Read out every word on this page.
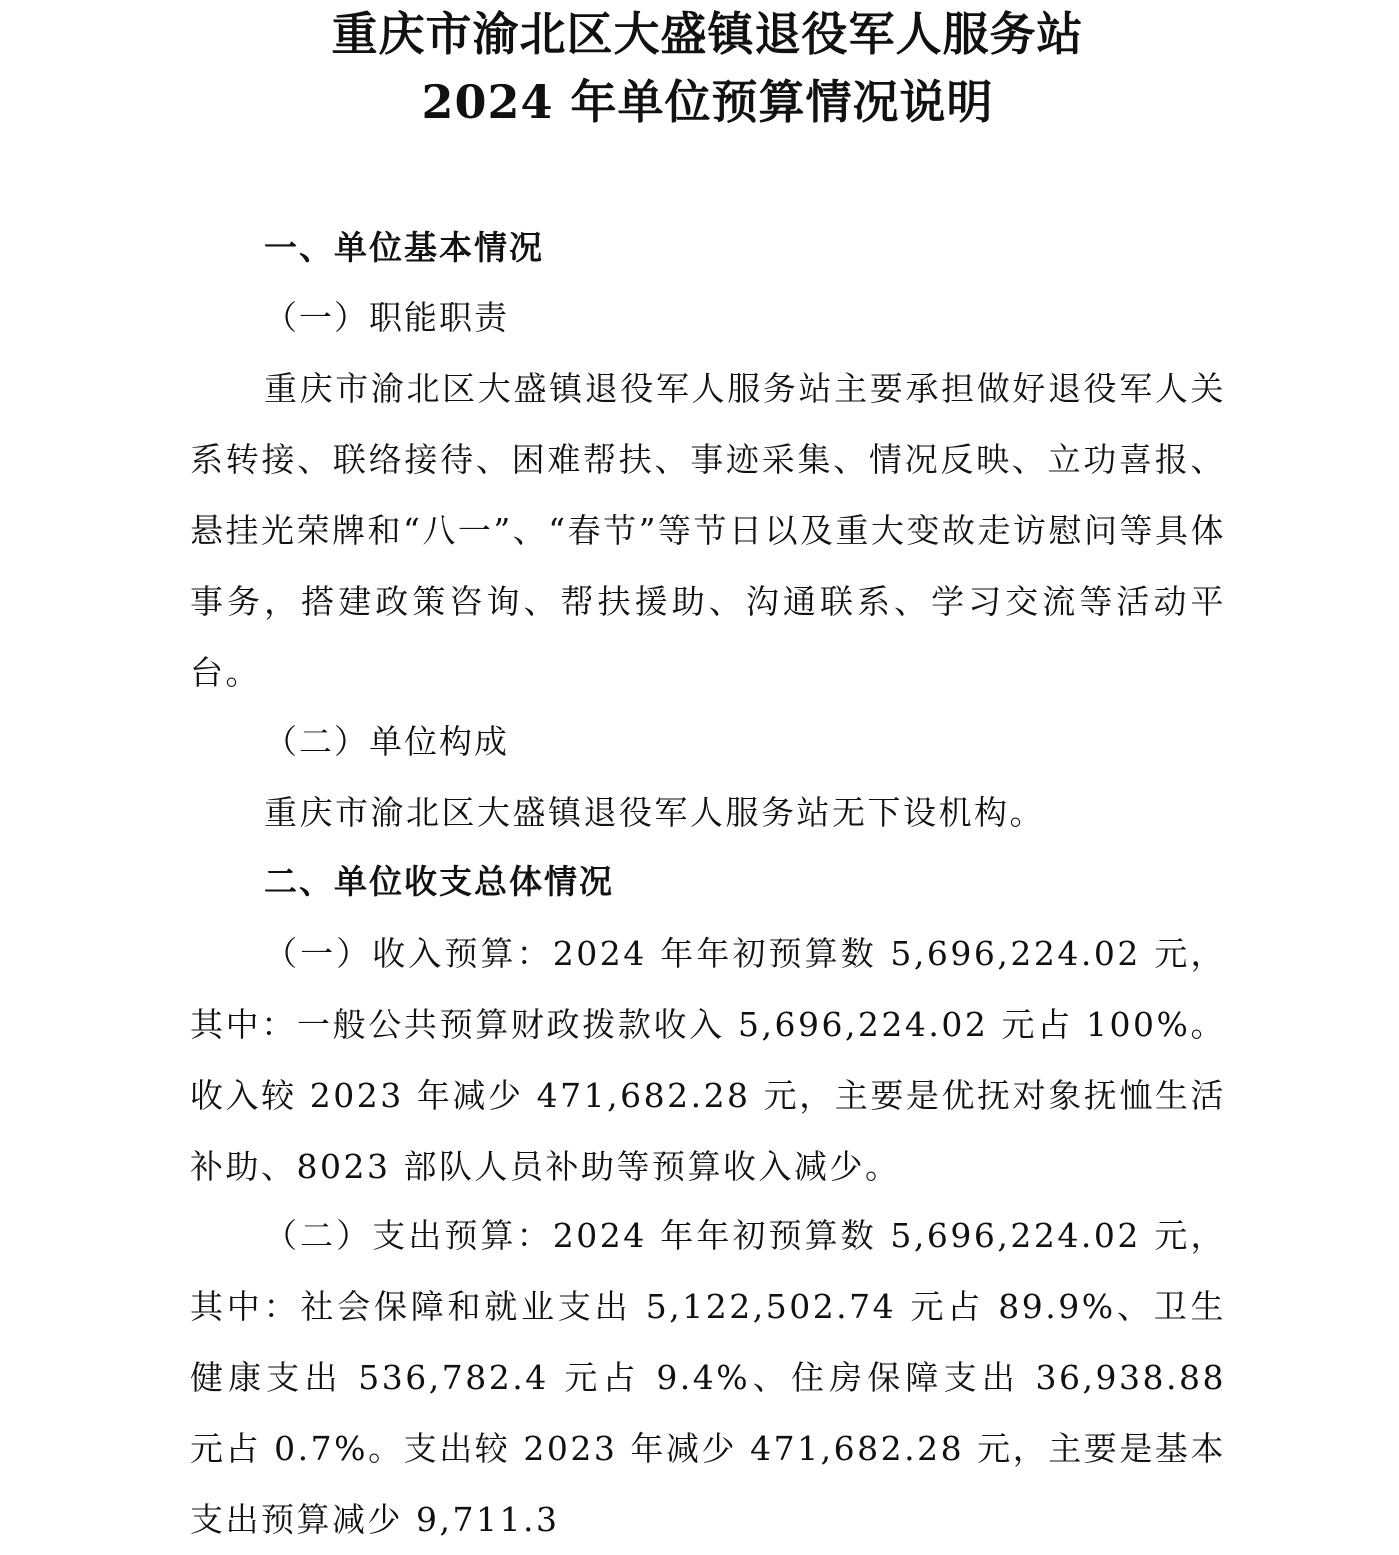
重庆市渝北区大盛镇退役军人服务站
2024 年单位预算情况说明
一、单位基本情况
（一）职能职责

重庆市渝北区大盛镇退役军人服务站主要承担做好退役军人关系转接、联络接待、困难帮扶、事迹采集、情况反映、立功喜报、悬挂光荣牌和“八一”、“春节”等节日以及重大变故走访慰问等具体事务，搭建政策咨询、帮扶援助、沟通联系、学习交流等活动平台。

（二）单位构成

重庆市渝北区大盛镇退役军人服务站无下设机构。

二、单位收支总体情况

（一）收入预算：2024 年年初预算数 5,696,224.02 元，其中：一般公共预算财政拨款收入 5,696,224.02 元占 100%。收入较 2023 年减少 471,682.28 元，主要是优抚对象抚恤生活补助、8023 部队人员补助等预算收入减少。

（二）支出预算：2024 年年初预算数 5,696,224.02 元，其中：社会保障和就业支出 5,122,502.74 元占 89.9%、卫生健康支出 536,782.4 元占 9.4%、住房保障支出 36,938.88 元占 0.7%。支出较 2023 年减少 471,682.28 元，主要是基本支出预算减少 9,711.3
